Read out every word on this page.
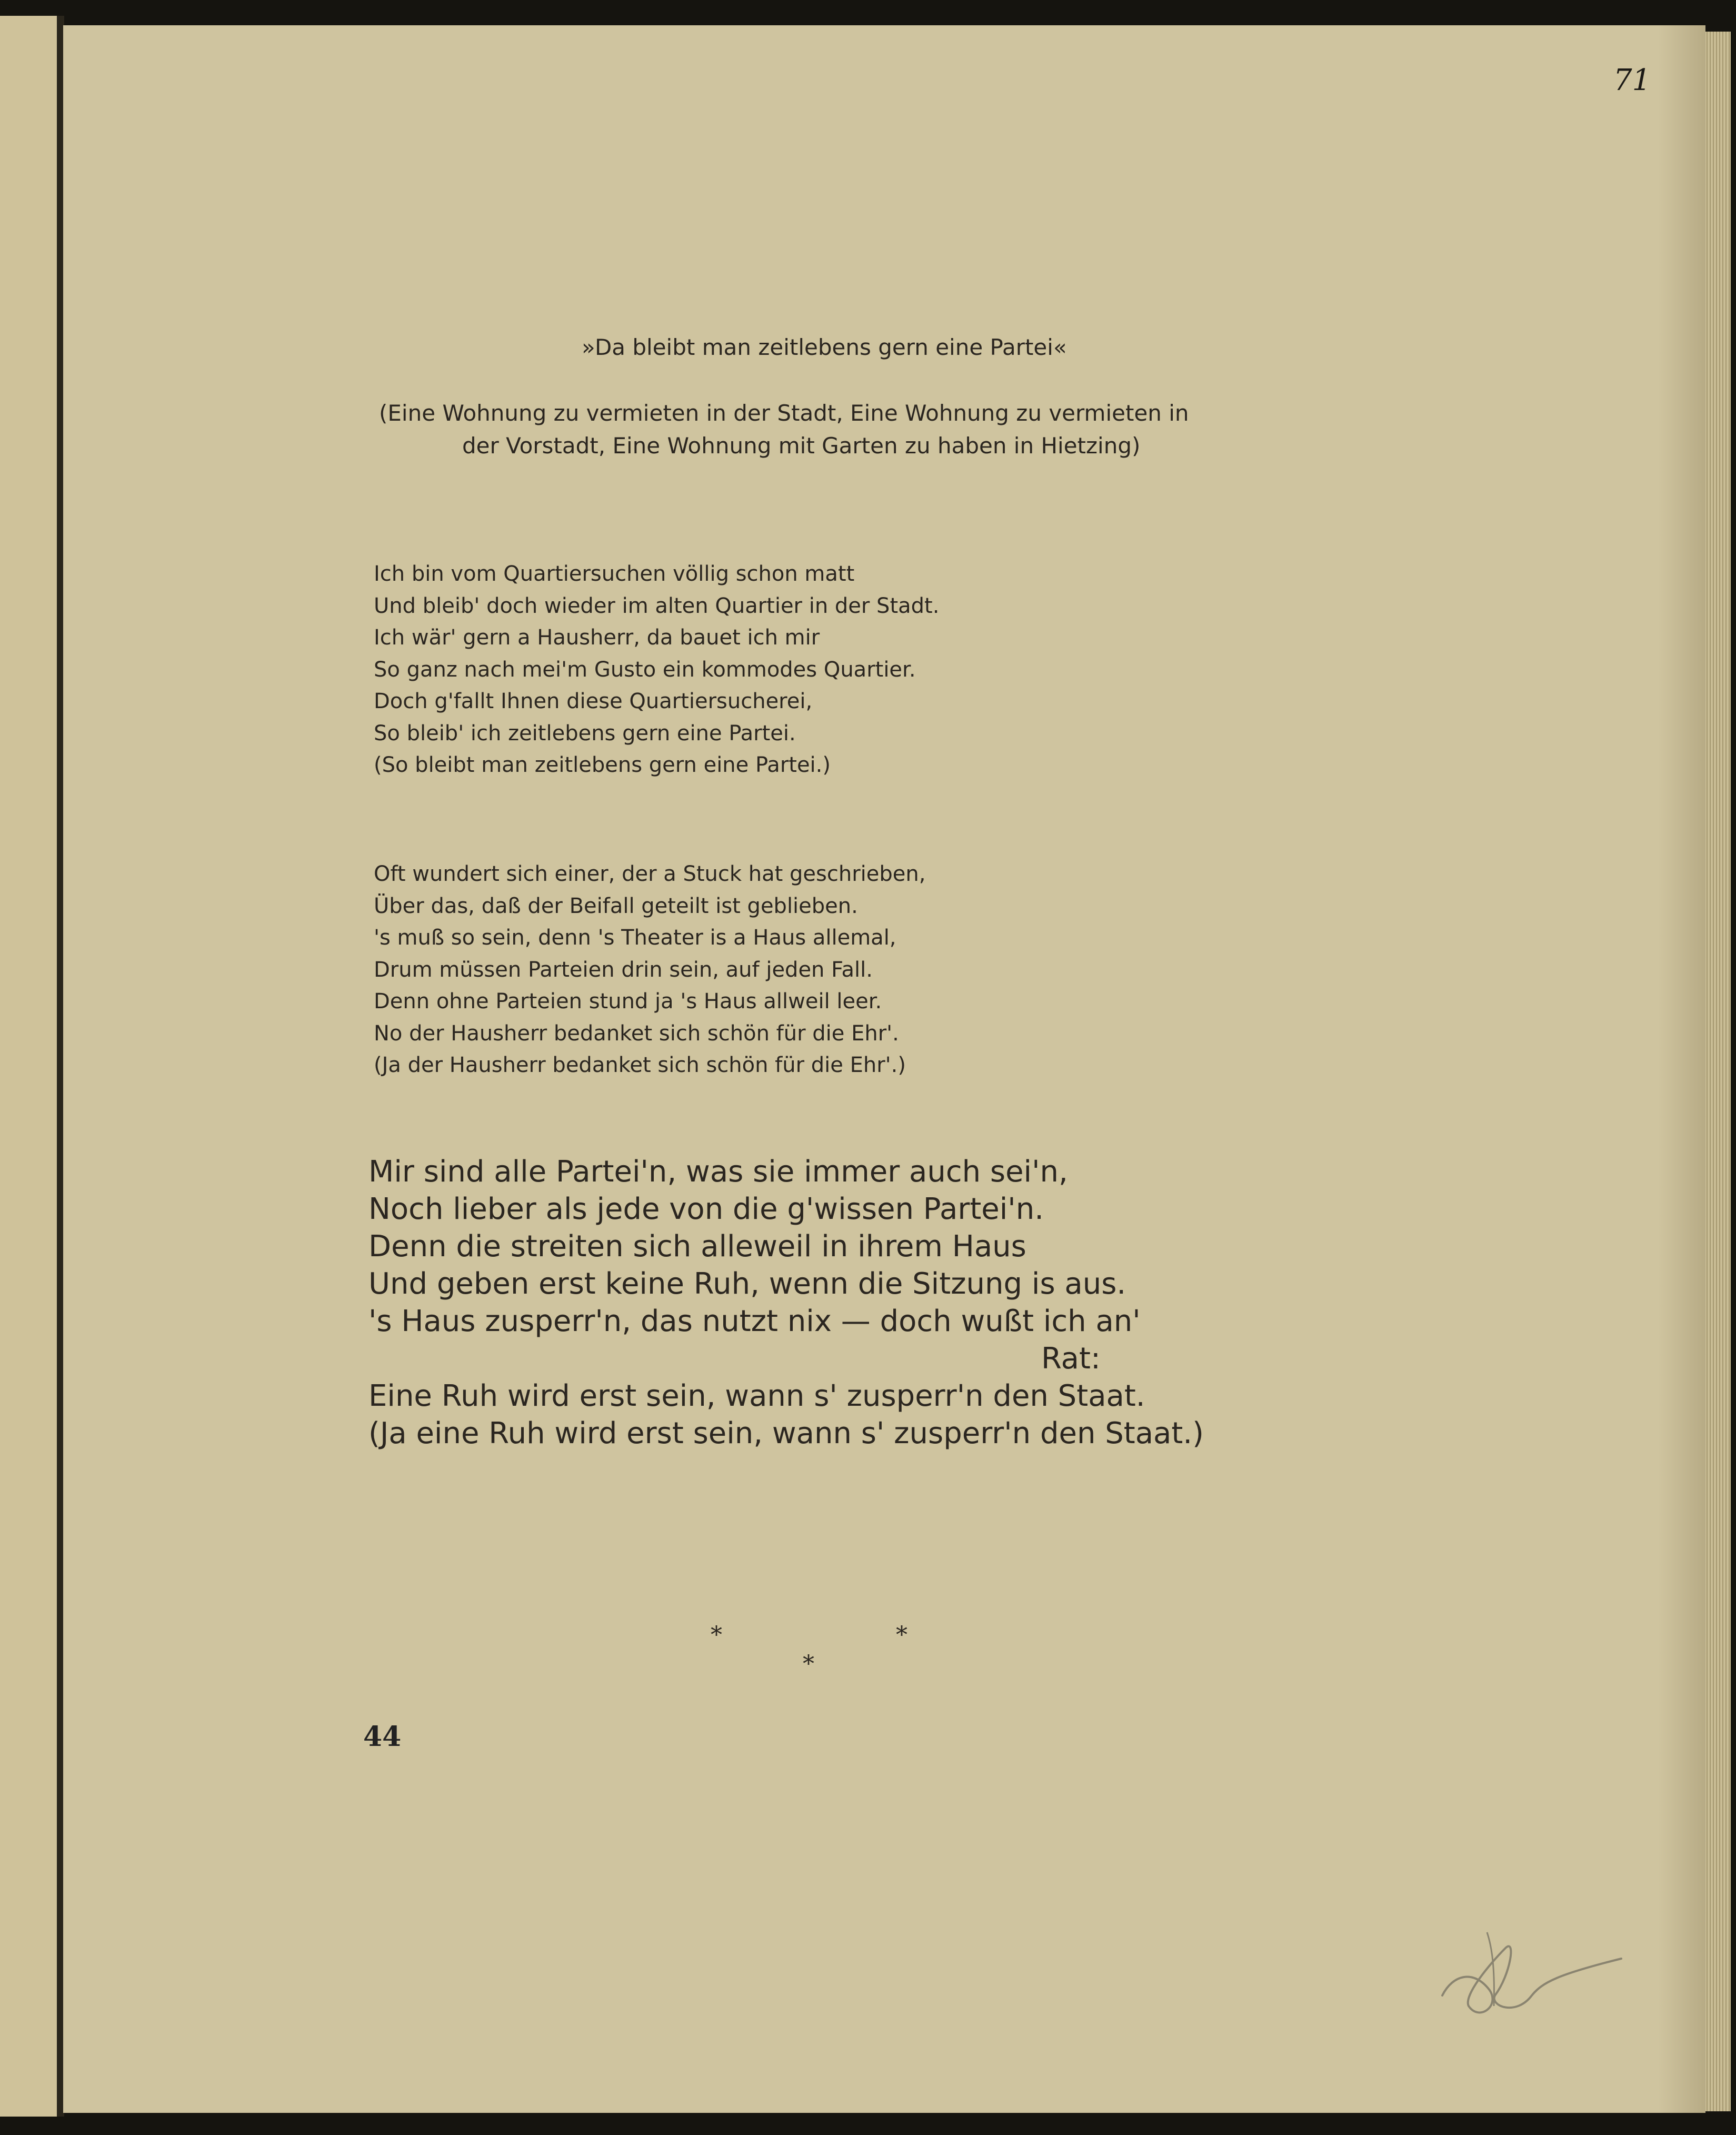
71
»Da bleibt man zeitlebens gern eine Partei«
(Eine Wohnung zu vermieten in der Stadt, Eine Wohnung zu vermieten in
der Vorstadt, Eine Wohnung mit Garten zu haben in Hietzing)
Ich bin vom Quartiersuchen völlig schon matt
Und bleib' doch wieder im alten Quartier in der Stadt.
Ich wär' gern a Hausherr, da bauet ich mir
So ganz nach mei'm Gusto ein kommodes Quartier.
Doch g'fallt Ihnen diese Quartiersucherei,
So bleib' ich zeitlebens gern eine Partei.
(So bleibt man zeitlebens gern eine Partei.)
Oft wundert sich einer, der a Stuck hat geschrieben,
Über das, daß der Beifall geteilt ist geblieben.
's muß so sein, denn 's Theater is a Haus allemal,
Drum müssen Parteien drin sein, auf jeden Fall.
Denn ohne Parteien stund ja 's Haus allweil leer.
No der Hausherr bedanket sich schön für die Ehr'.
(Ja der Hausherr bedanket sich schön für die Ehr'.)
Mir sind alle Partei'n, was sie immer auch sei'n,
Noch lieber als jede von die g'wissen Partei'n.
Denn die streiten sich alleweil in ihrem Haus
Und geben erst keine Ruh, wenn die Sitzung is aus.
's Haus zusperr'n, das nutzt nix — doch wußt ich an'
Rat:
Eine Ruh wird erst sein, wann s' zusperr'n den Staat.
(Ja eine Ruh wird erst sein, wann s' zusperr'n den Staat.)
*	*
*
44
